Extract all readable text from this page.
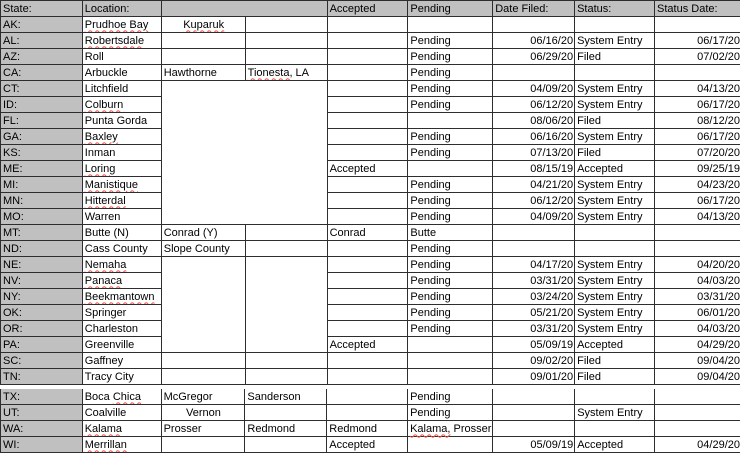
State:	Location:			Accepted	Pending	Date Filed:	Status:	Status Date:
AK:	Prudhoe Bay	Kuparuk						
AL:	Robertsdale				Pending	06/16/20	System Entry	06/17/20
AZ:	Roll				Pending	06/29/20	Filed	07/02/20
CA:	Arbuckle	Hawthorne	Tionesta, LA		Pending			
CT:	Litchfield				Pending	04/09/20	System Entry	04/13/20
ID:	Colburn				Pending	06/12/20	System Entry	06/17/20
FL:	Punta Gorda					08/06/20	Filed	08/12/20
GA:	Baxley				Pending	06/16/20	System Entry	06/17/20
KS:	Inman				Pending	07/13/20	Filed	07/20/20
ME:	Loring			Accepted		08/15/19	Accepted	09/25/19
MI:	Manistique				Pending	04/21/20	System Entry	04/23/20
MN:	Hitterdal				Pending	06/12/20	System Entry	06/17/20
MO:	Warren				Pending	04/09/20	System Entry	04/13/20
MT:	Butte (N)	Conrad (Y)		Conrad	Butte			
ND:	Cass County	Slope County			Pending			
NE:	Nemaha				Pending	04/17/20	System Entry	04/20/20
NV:	Panaca				Pending	03/31/20	System Entry	04/03/20
NY:	Beekmantown				Pending	03/24/20	System Entry	03/31/20
OK:	Springer				Pending	05/21/20	System Entry	06/01/20
OR:	Charleston				Pending	03/31/20	System Entry	04/03/20
PA:	Greenville			Accepted		05/09/19	Accepted	04/29/20
SC:	Gaffney					09/02/20	Filed	09/04/20
TN:	Tracy City					09/01/20	Filed	09/04/20
TX:	Boca Chica	McGregor	Sanderson		Pending			
UT:	Coalville	Vernon			Pending		System Entry	
WA:	Kalama	Prosser	Redmond	Redmond	Kalama, Prosser			
WI:	Merrillan			Accepted		05/09/19	Accepted	04/29/20
